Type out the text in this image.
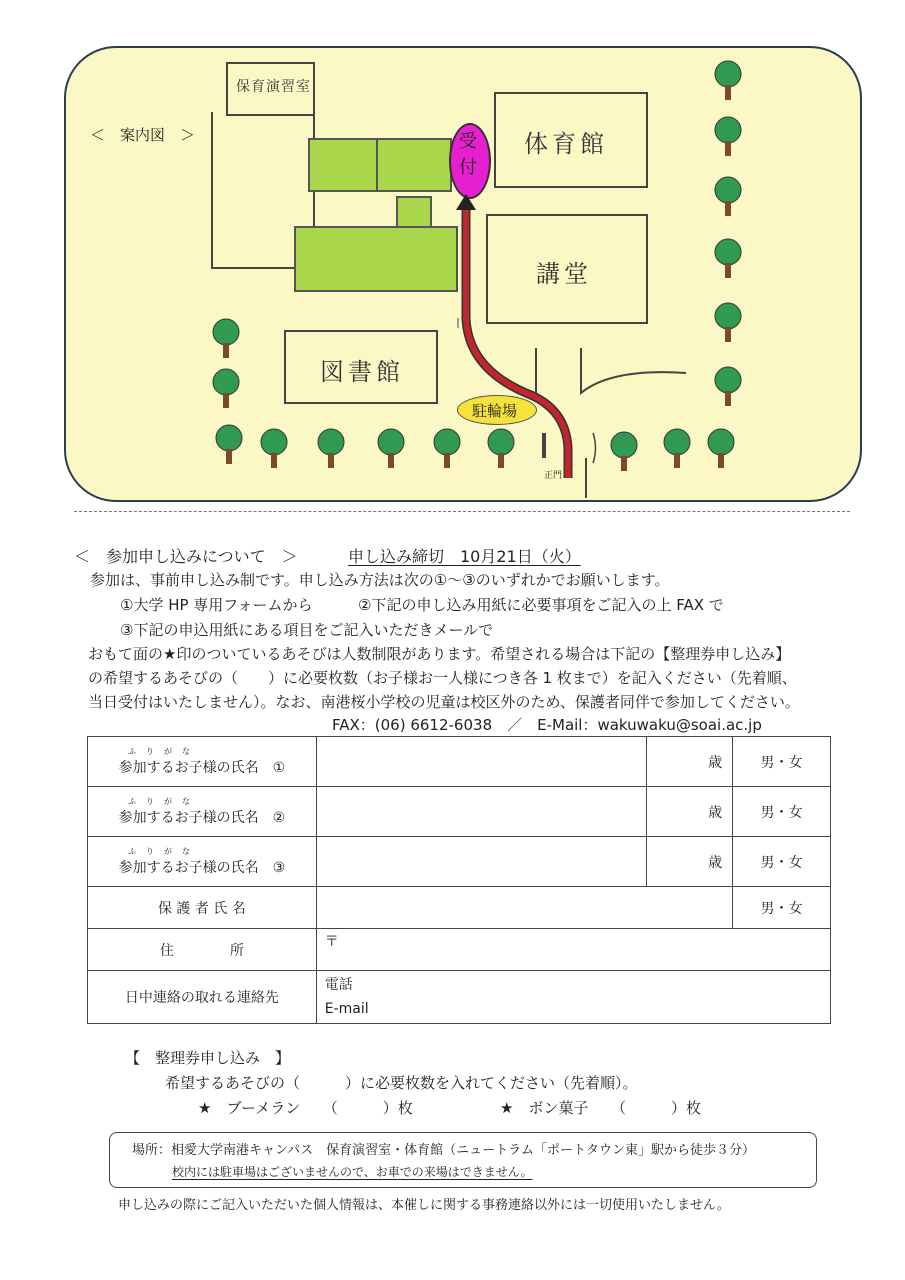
＜　案内図　＞
保育演習室
受付
体育館
講堂
図書館
駐輪場
正門
＜　参加申し込みについて　＞	申し込み締切　10月21日（火）
参加は、事前申し込み制です。申し込み方法は次の①～③のいずれかでお願いします。
①大学 HP 専用フォームから	②下記の申し込み用紙に必要事項をご記入の上 FAX で
③下記の申込用紙にある項目をご記入いただきメールで
おもて面の★印のついているあそびは人数制限があります。希望される場合は下記の【整理券申し込み】
の希望するあそびの（　　）に必要枚数（お子様お一人様につき各 1 枚まで）を記入ください（先着順、
当日受付はいたしません）。なお、南港桜小学校の児童は校区外のため、保護者同伴で参加してください。
FAX：(06) 6612-6038　／　E-Mail：wakuwaku@soai.ac.jp
ふりがな
参加するお子様の氏名　①		歳	男・女

ふりがな
参加するお子様の氏名　②		歳	男・女

ふりがな
参加するお子様の氏名　③		歳	男・女
保 護 者 氏 名			男・女
住　　　　所	〒		
日中連絡の取れる連絡先	電話
E-mail		
【　整理券申し込み　】
希望するあそびの（　　　）に必要枚数を入れてください（先着順）。
★　ブーメラン　　（　　　）枚	★　ボン菓子　　（　　　）枚
場所：相愛大学南港キャンパス　保育演習室・体育館（ニュートラム「ポートタウン東」駅から徒歩３分）
校内には駐車場はございませんので、お車での来場はできません。
申し込みの際にご記入いただいた個人情報は、本催しに関する事務連絡以外には一切使用いたしません。
